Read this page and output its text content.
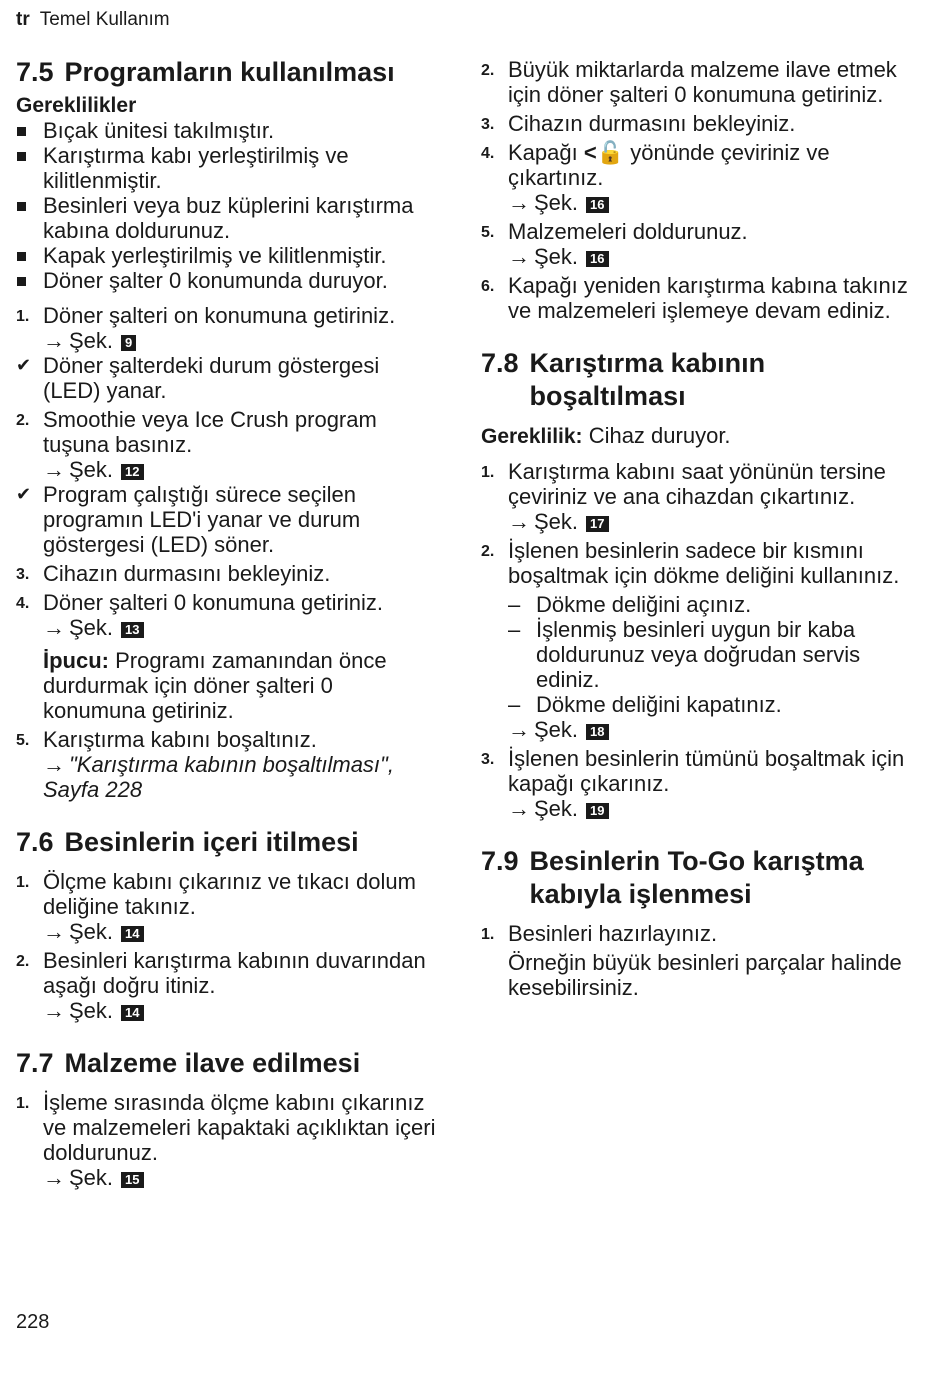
tr Temel Kullanım
7.5 Programların kullanılması
Gereklilikler
Bıçak ünitesi takılmıştır.
Karıştırma kabı yerleştirilmiş ve kilitlenmiştir.
Besinleri veya buz küplerini karıştırma kabına doldurunuz.
Kapak yerleştirilmiş ve kilitlenmiştir.
Döner şalter 0 konumunda duruyor.
1. Döner şalteri on konumuna getiriniz.
→ Şek. 9
✔ Döner şalterdeki durum göstergesi (LED) yanar.
2. Smoothie veya Ice Crush program tuşuna basınız.
→ Şek. 12
✔ Program çalıştığı sürece seçilen programın LED'i yanar ve durum göstergesi (LED) söner.
3. Cihazın durmasını bekleyiniz.
4. Döner şalteri 0 konumuna getiriniz.
→ Şek. 13
İpucu: Programı zamanından önce durdurmak için döner şalteri 0 konumuna getiriniz.
5. Karıştırma kabını boşaltınız.
→ "Karıştırma kabının boşaltılması", Sayfa 228
7.6 Besinlerin içeri itilmesi
1. Ölçme kabını çıkarınız ve tıkacı dolum deliğine takınız.
→ Şek. 14
2. Besinleri karıştırma kabının duvarından aşağı doğru itiniz.
→ Şek. 14
7.7 Malzeme ilave edilmesi
1. İşleme sırasında ölçme kabını çıkarınız ve malzemeleri kapaktaki açıklıktan içeri doldurunuz.
→ Şek. 15
2. Büyük miktarlarda malzeme ilave etmek için döner şalteri 0 konumuna getiriniz.
3. Cihazın durmasını bekleyiniz.
4. Kapağı <🔓 yönünde çeviriniz ve çıkartınız.
→ Şek. 16
5. Malzemeleri doldurunuz.
→ Şek. 16
6. Kapağı yeniden karıştırma kabına takınız ve malzemeleri işlemeye devam ediniz.
7.8 Karıştırma kabının boşaltılması
Gereklilik: Cihaz duruyor.
1. Karıştırma kabını saat yönünün tersine çeviriniz ve ana cihazdan çıkartınız.
→ Şek. 17
2. İşlenen besinlerin sadece bir kısmını boşaltmak için dökme deliğini kullanınız.
– Dökme deliğini açınız.
– İşlenmiş besinleri uygun bir kaba doldurunuz veya doğrudan servis ediniz.
– Dökme deliğini kapatınız.
→ Şek. 18
3. İşlenen besinlerin tümünü boşaltmak için kapağı çıkarınız.
→ Şek. 19
7.9 Besinlerin To-Go karıştma kabıyla işlenmesi
1. Besinleri hazırlayınız.
Örneğin büyük besinleri parçalar halinde kesebilirsiniz.
228
